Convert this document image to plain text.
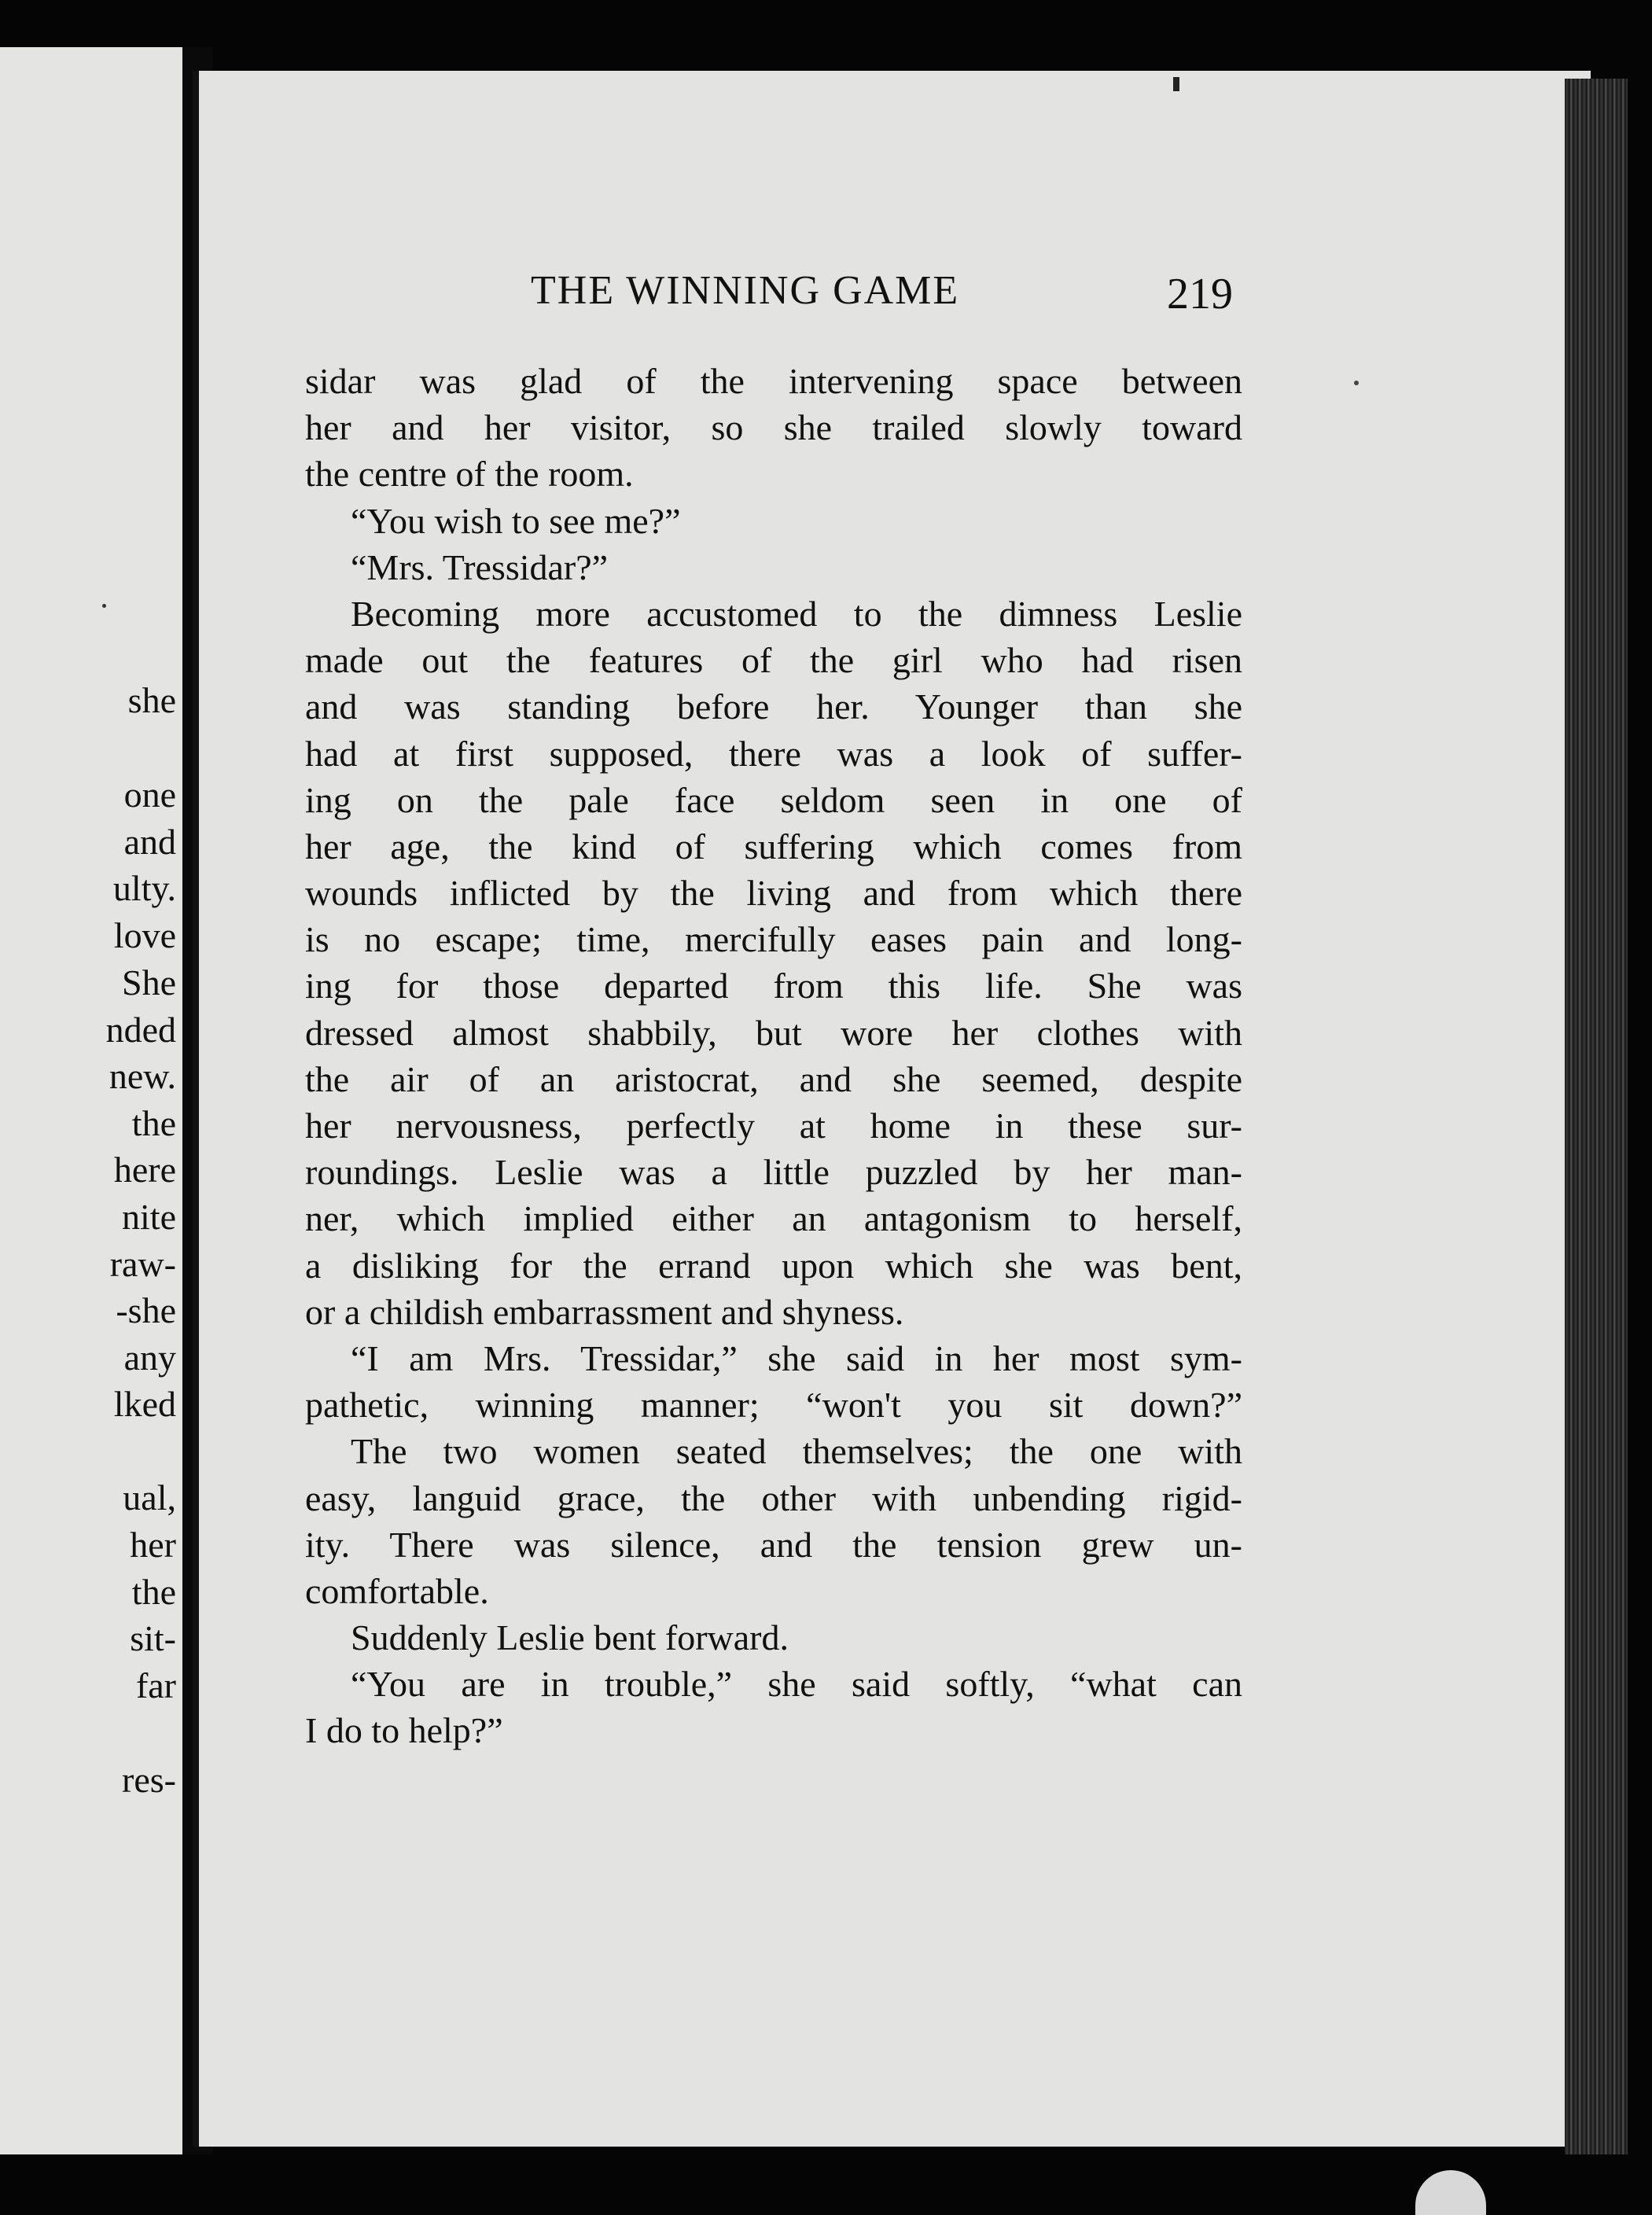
she
one
and
ulty.
love
She
nded
new.
the
here
nite
raw-
-she
any
lked
ual,
her
the
sit-
far
res-
THE WINNING GAME	219
sidar was glad of the intervening space between
her and her visitor, so she trailed slowly toward
the centre of the room.
“You wish to see me?”
“Mrs. Tressidar?”
Becoming more accustomed to the dimness Leslie
made out the features of the girl who had risen
and was standing before her. Younger than she
had at first supposed, there was a look of suffer-
ing on the pale face seldom seen in one of
her age, the kind of suffering which comes from
wounds inflicted by the living and from which there
is no escape; time, mercifully eases pain and long-
ing for those departed from this life. She was
dressed almost shabbily, but wore her clothes with
the air of an aristocrat, and she seemed, despite
her nervousness, perfectly at home in these sur-
roundings. Leslie was a little puzzled by her man-
ner, which implied either an antagonism to herself,
a disliking for the errand upon which she was bent,
or a childish embarrassment and shyness.
“I am Mrs. Tressidar,” she said in her most sym-
pathetic, winning manner; “won't you sit down?”
The two women seated themselves; the one with
easy, languid grace, the other with unbending rigid-
ity. There was silence, and the tension grew un-
comfortable.
Suddenly Leslie bent forward.
“You are in trouble,” she said softly, “what can
I do to help?”
